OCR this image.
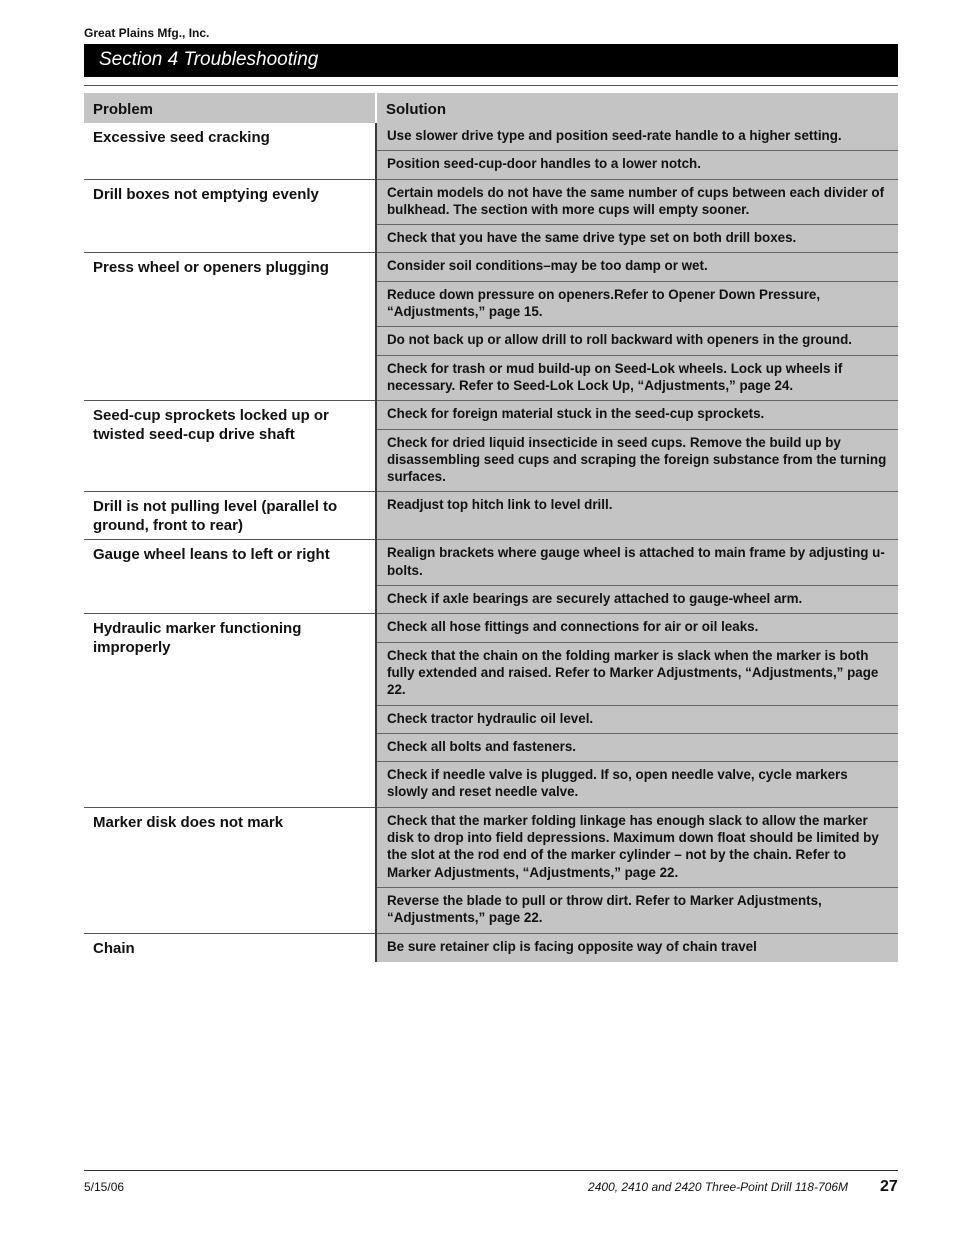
Great Plains Mfg., Inc.
Section 4 Troubleshooting
Problem	Solution
Excessive seed cracking	Use slower drive type and position seed-rate handle to a higher setting.
	Position seed-cup-door handles to a lower notch.
Drill boxes not emptying evenly	Certain models do not have the same number of cups between each divider of bulkhead. The section with more cups will empty sooner.
	Check that you have the same drive type set on both drill boxes.
Press wheel or openers plugging	Consider soil conditions–may be too damp or wet.
	Reduce down pressure on openers.Refer to Opener Down Pressure, “Adjustments,” page 15.
	Do not back up or allow drill to roll backward with openers in the ground.
	Check for trash or mud build-up on Seed-Lok wheels. Lock up wheels if necessary. Refer to Seed-Lok Lock Up, “Adjustments,” page 24.
Seed-cup sprockets locked up or twisted seed-cup drive shaft	Check for foreign material stuck in the seed-cup sprockets.
	Check for dried liquid insecticide in seed cups. Remove the build up by disassembling seed cups and scraping the foreign substance from the turning surfaces.
Drill is not pulling level (parallel to ground, front to rear)	Readjust top hitch link to level drill.
Gauge wheel leans to left or right	Realign brackets where gauge wheel is attached to main frame by adjusting u-bolts.
	Check if axle bearings are securely attached to gauge-wheel arm.
Hydraulic marker functioning improperly	Check all hose fittings and connections for air or oil leaks.
	Check that the chain on the folding marker is slack when the marker is both fully extended and raised. Refer to Marker Adjustments, “Adjustments,” page 22.
	Check tractor hydraulic oil level.
	Check all bolts and fasteners.
	Check if needle valve is plugged. If so, open needle valve, cycle markers slowly and reset needle valve.
Marker disk does not mark	Check that the marker folding linkage has enough slack to allow the marker disk to drop into field depressions. Maximum down float should be limited by the slot at the rod end of the marker cylinder – not by the chain. Refer to Marker Adjustments, “Adjustments,” page 22.
	Reverse the blade to pull or throw dirt. Refer to Marker Adjustments, “Adjustments,” page 22.
Chain	Be sure retainer clip is facing opposite way of chain travel
5/15/06	2400, 2410 and 2420 Three-Point Drill 118-706M 27
